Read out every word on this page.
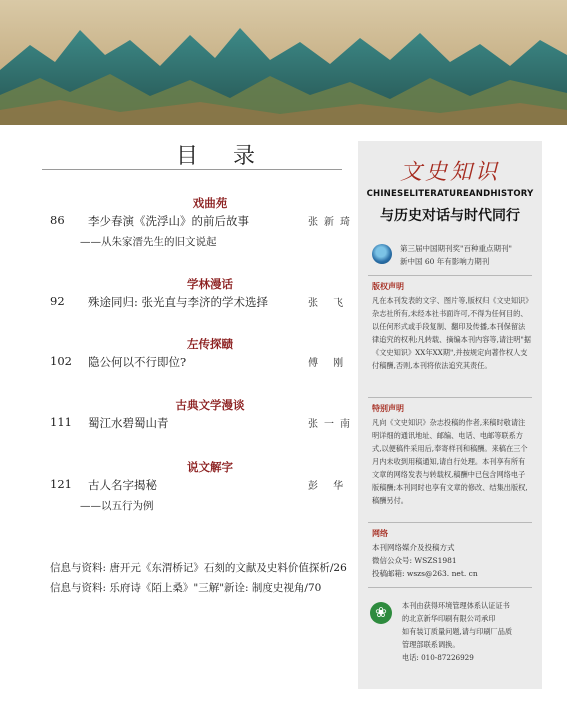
目 录
戏曲苑
86 李少春演《洗浮山》的前后故事	张新琦
——从朱家溍先生的旧文说起
学林漫话
92 殊途同归: 张光直与李济的学术选择	张 飞
左传探赜
102 隐公何以不行即位?	傅 刚
古典文学漫谈
111 蜀江水碧蜀山青	张一南
说文解字
121 古人名字揭秘	彭 华
——以五行为例
信息与资料: 唐开元《东渭桥记》石刻的文献及史料价值探析/26
信息与资料: 乐府诗《陌上桑》"三解"新诠: 制度史视角/70
文史知识
CHINESELITERATUREANDHISTORY
与历史对话与时代同行
第三届中国期刊奖"百种重点期刊"
新中国 60 年有影响力期刊
版权声明
凡在本刊发表的文字、图片等,版权归《文史知识》杂志社所有,未经本社书面许可,不得为任何目的、以任何形式或手段复制、翻印及传播,本刊保留法律追究的权利;凡转载、摘编本刊内容等,请注明"据《文史知识》XX年XX期",并按规定向著作权人支付稿酬,否则,本刊将依法追究其责任。
特别声明
凡向《文史知识》杂志投稿的作者,来稿时敬请注明详细的通讯地址、邮编、电话、电邮等联系方式,以便稿件采用后,奉寄样刊和稿酬。来稿在三个月内未收到用稿通知,请自行处理。本刊享有所有文章的网络发表与转载权,稿酬中已包含网络电子版稿酬;本刊同时也享有文章的修改、结集出版权,稿酬另付。
网络
本刊网络媒介及投稿方式
微信公众号: WSZS1981
投稿邮箱: wszs@263. net. cn
❀	本刊由获得环境管理体系认证证书
的北京新华印刷有限公司承印
如有装订质量问题,请与印刷厂品质
管理部联系调换。
电话: 010-87226929
